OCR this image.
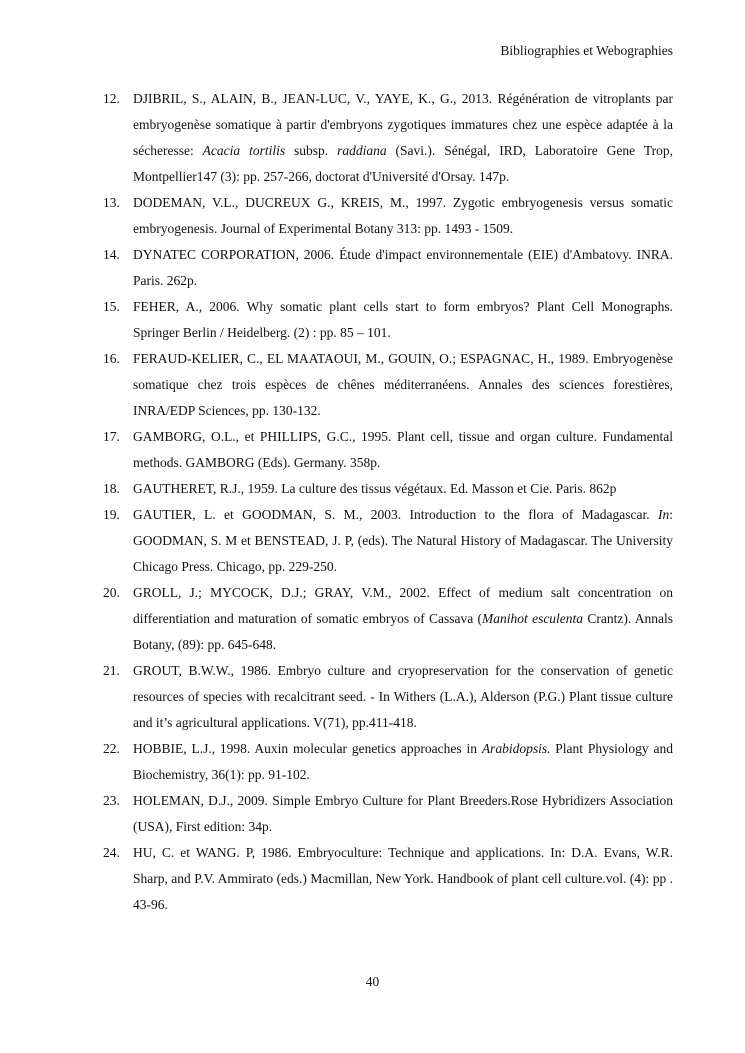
Bibliographies et Webographies
12. DJIBRIL, S., ALAIN, B., JEAN-LUC, V., YAYE, K., G., 2013. Régénération de vitroplants par embryogenèse somatique à partir d'embryons zygotiques immatures chez une espèce adaptée à la sécheresse: Acacia tortilis subsp. raddiana (Savi.). Sénégal, IRD, Laboratoire Gene Trop, Montpellier147 (3): pp. 257-266, doctorat d'Université d'Orsay. 147p.
13. DODEMAN, V.L., DUCREUX G., KREIS, M., 1997. Zygotic embryogenesis versus somatic embryogenesis. Journal of Experimental Botany 313: pp. 1493 - 1509.
14. DYNATEC CORPORATION, 2006. Étude d'impact environnementale (EIE) d'Ambatovy. INRA. Paris. 262p.
15. FEHER, A., 2006. Why somatic plant cells start to form embryos? Plant Cell Monographs. Springer Berlin / Heidelberg. (2) : pp. 85 – 101.
16. FERAUD-KELIER, C., EL MAATAOUI, M., GOUIN, O.; ESPAGNAC, H., 1989. Embryogenèse somatique chez trois espèces de chênes méditerranéens. Annales des sciences forestières, INRA/EDP Sciences, pp. 130-132.
17. GAMBORG, O.L., et PHILLIPS, G.C., 1995. Plant cell, tissue and organ culture. Fundamental methods. GAMBORG (Eds). Germany. 358p.
18. GAUTHERET, R.J., 1959. La culture des tissus végétaux. Ed. Masson et Cie. Paris. 862p
19. GAUTIER, L. et GOODMAN, S. M., 2003. Introduction to the flora of Madagascar. In: GOODMAN, S. M et BENSTEAD, J. P, (eds). The Natural History of Madagascar. The University Chicago Press. Chicago, pp. 229-250.
20. GROLL, J.; MYCOCK, D.J.; GRAY, V.M., 2002. Effect of medium salt concentration on differentiation and maturation of somatic embryos of Cassava (Manihot esculenta Crantz). Annals Botany, (89): pp. 645-648.
21. GROUT, B.W.W., 1986. Embryo culture and cryopreservation for the conservation of genetic resources of species with recalcitrant seed. - In Withers (L.A.), Alderson (P.G.) Plant tissue culture and it’s agricultural applications. V(71), pp.411-418.
22. HOBBIE, L.J., 1998. Auxin molecular genetics approaches in Arabidopsis. Plant Physiology and Biochemistry, 36(1): pp. 91-102.
23. HOLEMAN, D.J., 2009. Simple Embryo Culture for Plant Breeders.Rose Hybridizers Association (USA), First edition: 34p.
24. HU, C. et WANG. P, 1986. Embryoculture: Technique and applications. In: D.A. Evans, W.R. Sharp, and P.V. Ammirato (eds.) Macmillan, New York. Handbook of plant cell culture.vol. (4): pp . 43-96.
40
